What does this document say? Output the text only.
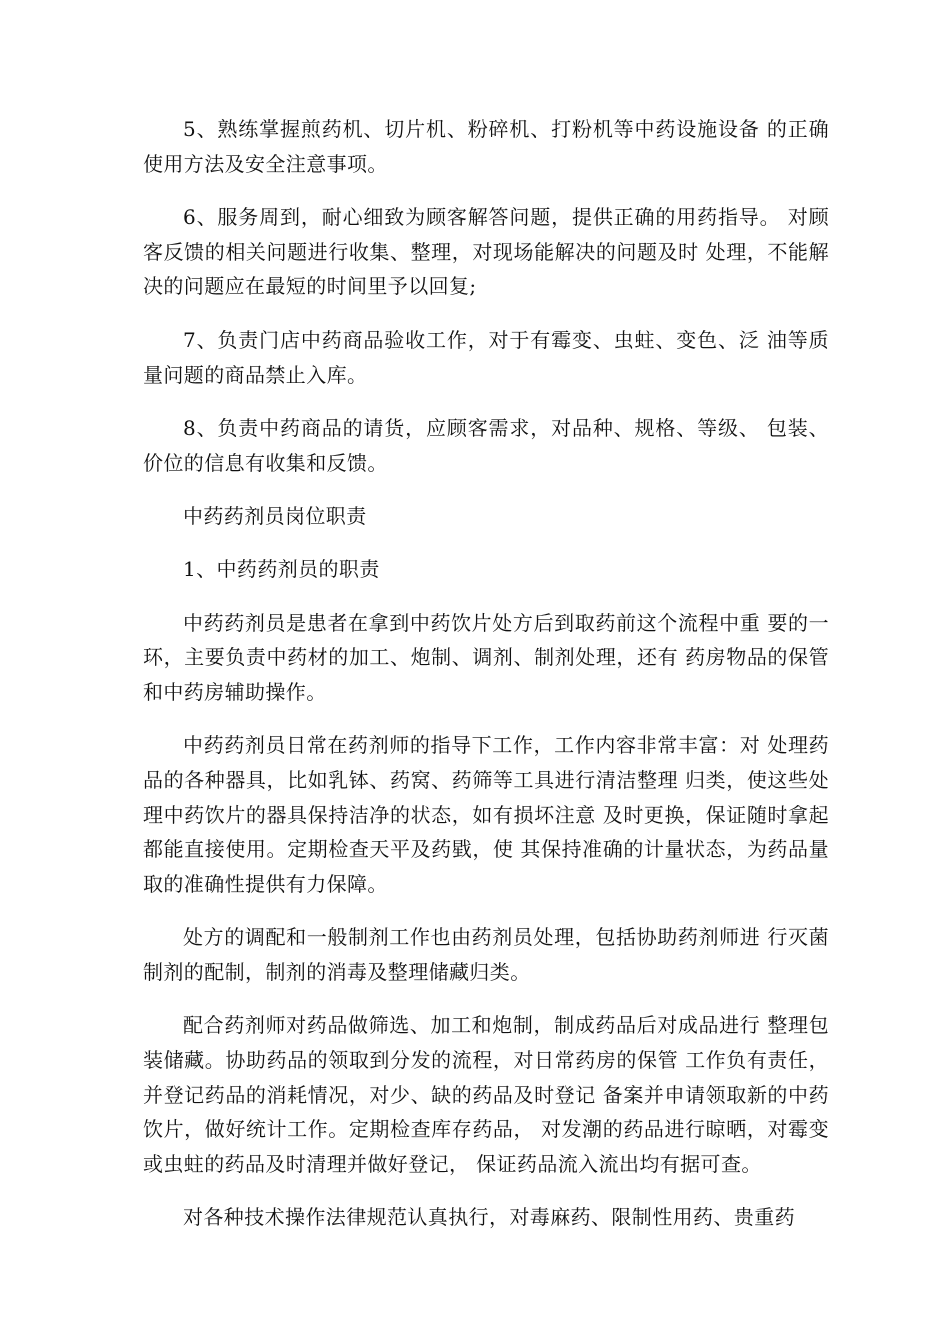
5、熟练掌握煎药机、切片机、粉碎机、打粉机等中药设施设备 的正确使用方法及安全注意事项。

6、服务周到，耐心细致为顾客解答问题，提供正确的用药指导。 对顾客反馈的相关问题进行收集、整理，对现场能解决的问题及时 处理，不能解决的问题应在最短的时间里予以回复;

7、负责门店中药商品验收工作，对于有霉变、虫蛀、变色、泛 油等质量问题的商品禁止入库。

8、负责中药商品的请货，应顾客需求，对品种、规格、等级、 包装、价位的信息有收集和反馈。

中药药剂员岗位职责

1、中药药剂员的职责

中药药剂员是患者在拿到中药饮片处方后到取药前这个流程中重 要的一环，主要负责中药材的加工、炮制、调剂、制剂处理，还有 药房物品的保管和中药房辅助操作。

中药药剂员日常在药剂师的指导下工作，工作内容非常丰富：对 处理药品的各种器具，比如乳钵、药窝、药筛等工具进行清洁整理 归类，使这些处理中药饮片的器具保持洁净的状态，如有损坏注意 及时更换，保证随时拿起都能直接使用。定期检查天平及药戥，使 其保持准确的计量状态，为药品量取的准确性提供有力保障。

处方的调配和一般制剂工作也由药剂员处理，包括协助药剂师进 行灭菌制剂的配制，制剂的消毒及整理储藏归类。

配合药剂师对药品做筛选、加工和炮制，制成药品后对成品进行 整理包装储藏。协助药品的领取到分发的流程，对日常药房的保管 工作负有责任，并登记药品的消耗情况，对少、缺的药品及时登记 备案并申请领取新的中药饮片，做好统计工作。定期检查库存药品， 对发潮的药品进行晾晒，对霉变或虫蛀的药品及时清理并做好登记， 保证药品流入流出均有据可查。

对各种技术操作法律规范认真执行，对毒麻药、限制性用药、贵重药
